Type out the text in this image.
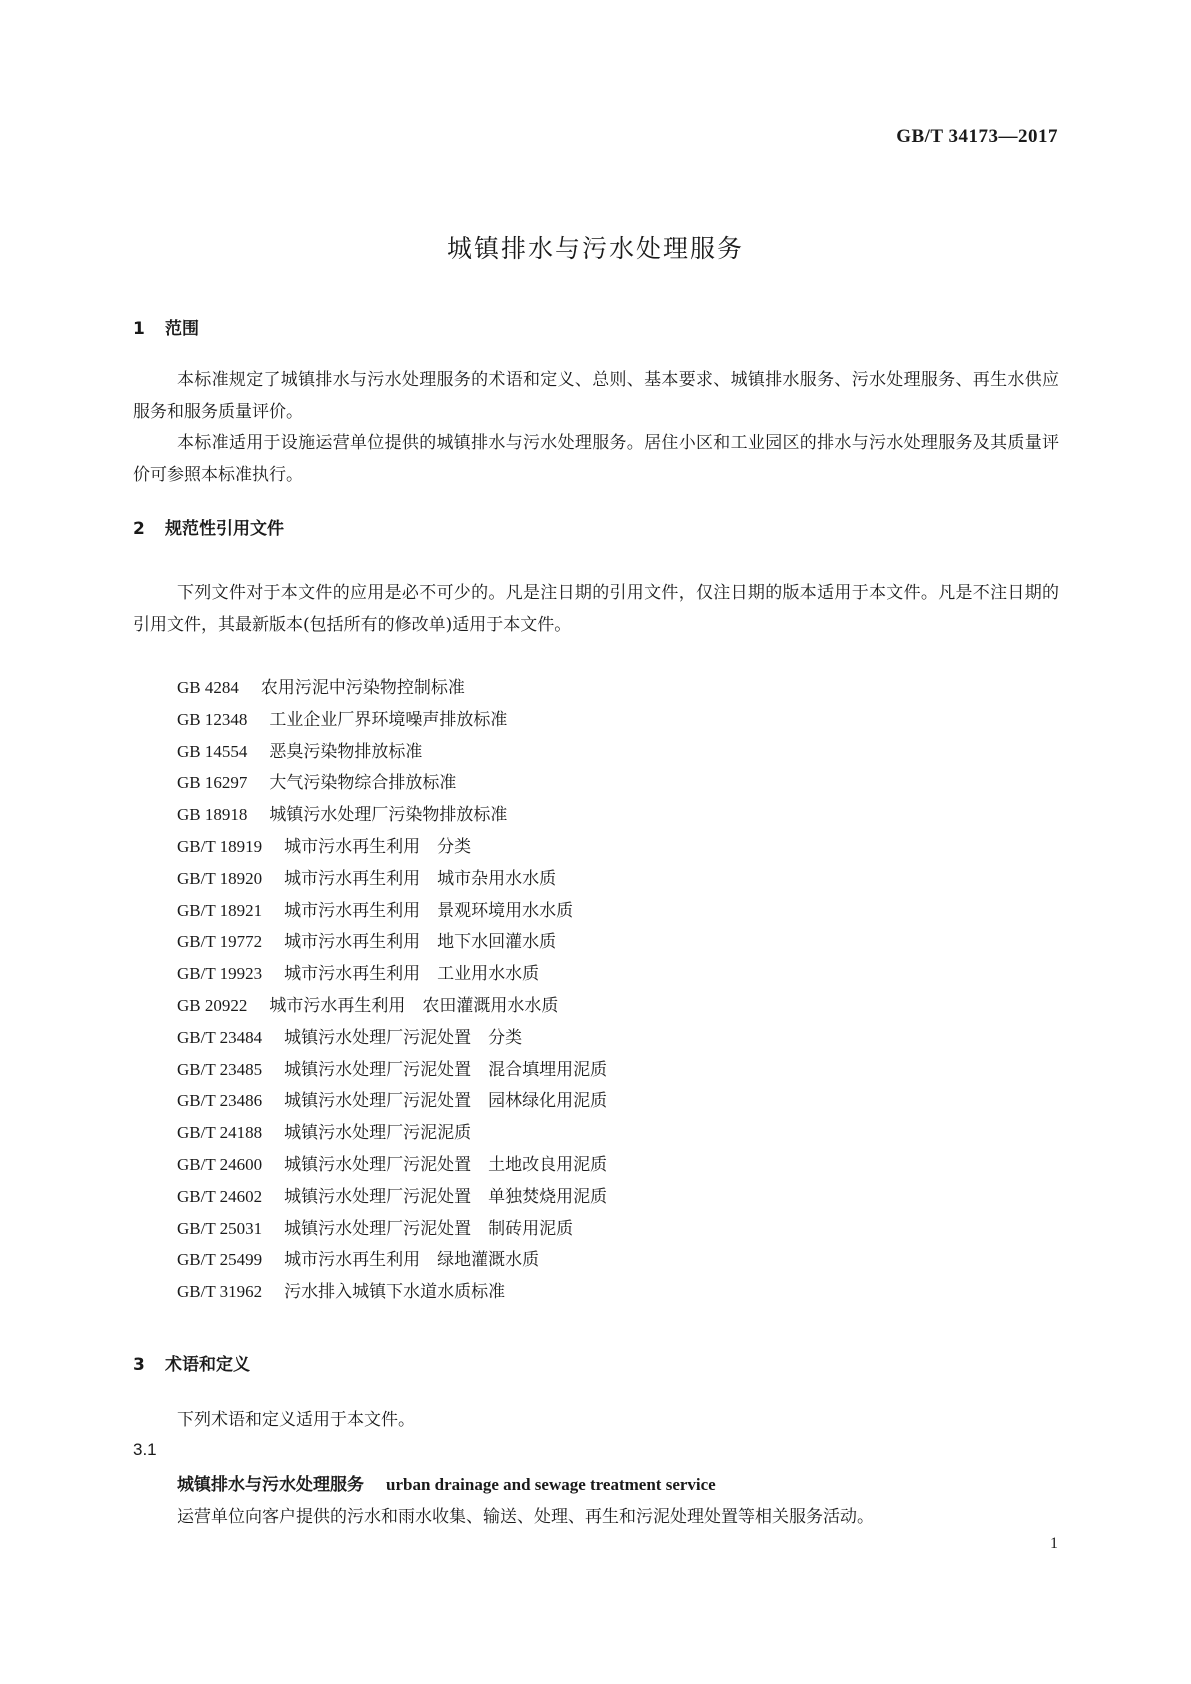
GB/T 34173—2017
城镇排水与污水处理服务
1 范围

本标准规定了城镇排水与污水处理服务的术语和定义、总则、基本要求、城镇排水服务、污水处理服务、再生水供应服务和服务质量评价。

本标准适用于设施运营单位提供的城镇排水与污水处理服务。居住小区和工业园区的排水与污水处理服务及其质量评价可参照本标准执行。

2 规范性引用文件

下列文件对于本文件的应用是必不可少的。凡是注日期的引用文件，仅注日期的版本适用于本文件。凡是不注日期的引用文件，其最新版本(包括所有的修改单)适用于本文件。

GB 4284 农用污泥中污染物控制标准
GB 12348 工业企业厂界环境噪声排放标准
GB 14554 恶臭污染物排放标准
GB 16297 大气污染物综合排放标准
GB 18918 城镇污水处理厂污染物排放标准
GB/T 18919 城市污水再生利用　分类
GB/T 18920 城市污水再生利用　城市杂用水水质
GB/T 18921 城市污水再生利用　景观环境用水水质
GB/T 19772 城市污水再生利用　地下水回灌水质
GB/T 19923 城市污水再生利用　工业用水水质
GB 20922 城市污水再生利用　农田灌溉用水水质
GB/T 23484 城镇污水处理厂污泥处置　分类
GB/T 23485 城镇污水处理厂污泥处置　混合填埋用泥质
GB/T 23486 城镇污水处理厂污泥处置　园林绿化用泥质
GB/T 24188 城镇污水处理厂污泥泥质
GB/T 24600 城镇污水处理厂污泥处置　土地改良用泥质
GB/T 24602 城镇污水处理厂污泥处置　单独焚烧用泥质
GB/T 25031 城镇污水处理厂污泥处置　制砖用泥质
GB/T 25499 城市污水再生利用　绿地灌溉水质
GB/T 31962 污水排入城镇下水道水质标准
3 术语和定义

下列术语和定义适用于本文件。

3.1
城镇排水与污水处理服务 urban drainage and sewage treatment service
运营单位向客户提供的污水和雨水收集、输送、处理、再生和污泥处理处置等相关服务活动。
1
